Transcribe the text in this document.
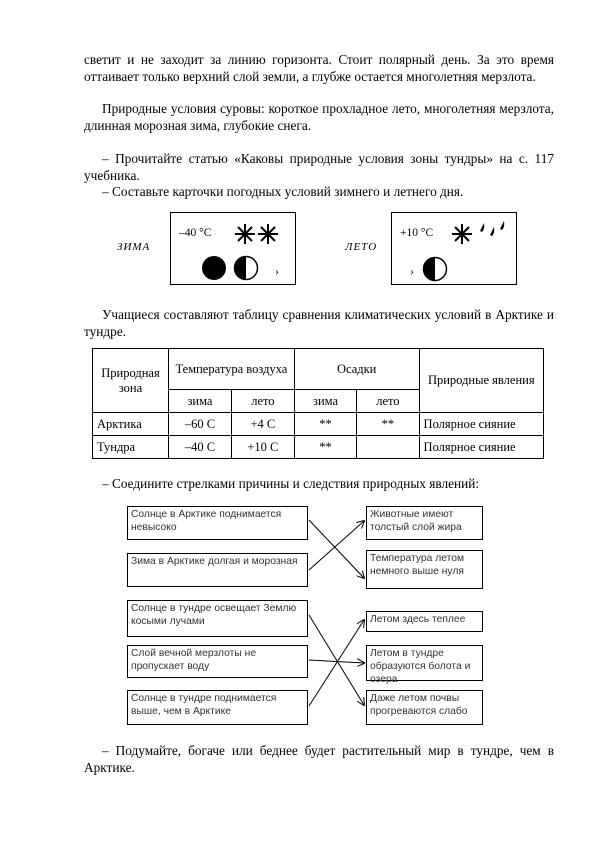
светит и не заходит за линию горизонта. Стоит полярный день. За это время оттаивает только верхний слой земли, а глубже остается многолетняя мерзлота.
Природные условия суровы: короткое прохладное лето, многолетняя мерзлота, длинная морозная зима, глубокие снега.
– Прочитайте статью «Каковы природные условия зоны тундры» на с. 117 учебника.
– Составьте карточки погодных условий зимнего и летнего дня.
ЗИМА
–40 °С
›
ЛЕТО
+10 °С
›
Учащиеся составляют таблицу сравнения климатических условий в Арктике и тундре.
Природная зона	Температура воздуха		Осадки		Природные явления
	зима	лето	зима	лето	
Арктика	–60 С	+4 С	**	**	Полярное сияние
Тундра	–40 С	+10 С	**		Полярное сияние
– Соедините стрелками причины и следствия природных явлений:
Солнце в Арктике поднимается невысоко
Зима в Арктике долгая и морозная
Солнце в тундре освещает Землю косыми лучами
Слой вечной мерзлоты не пропускает воду
Солнце в тундре поднимается выше, чем в Арктике
Животные имеют толстый слой жира
Температура летом немного выше нуля
Летом здесь теплее
Летом в тундре образуются болота и озера
Даже летом почвы прогреваются слабо
– Подумайте, богаче или беднее будет растительный мир в тундре, чем в Арктике.
